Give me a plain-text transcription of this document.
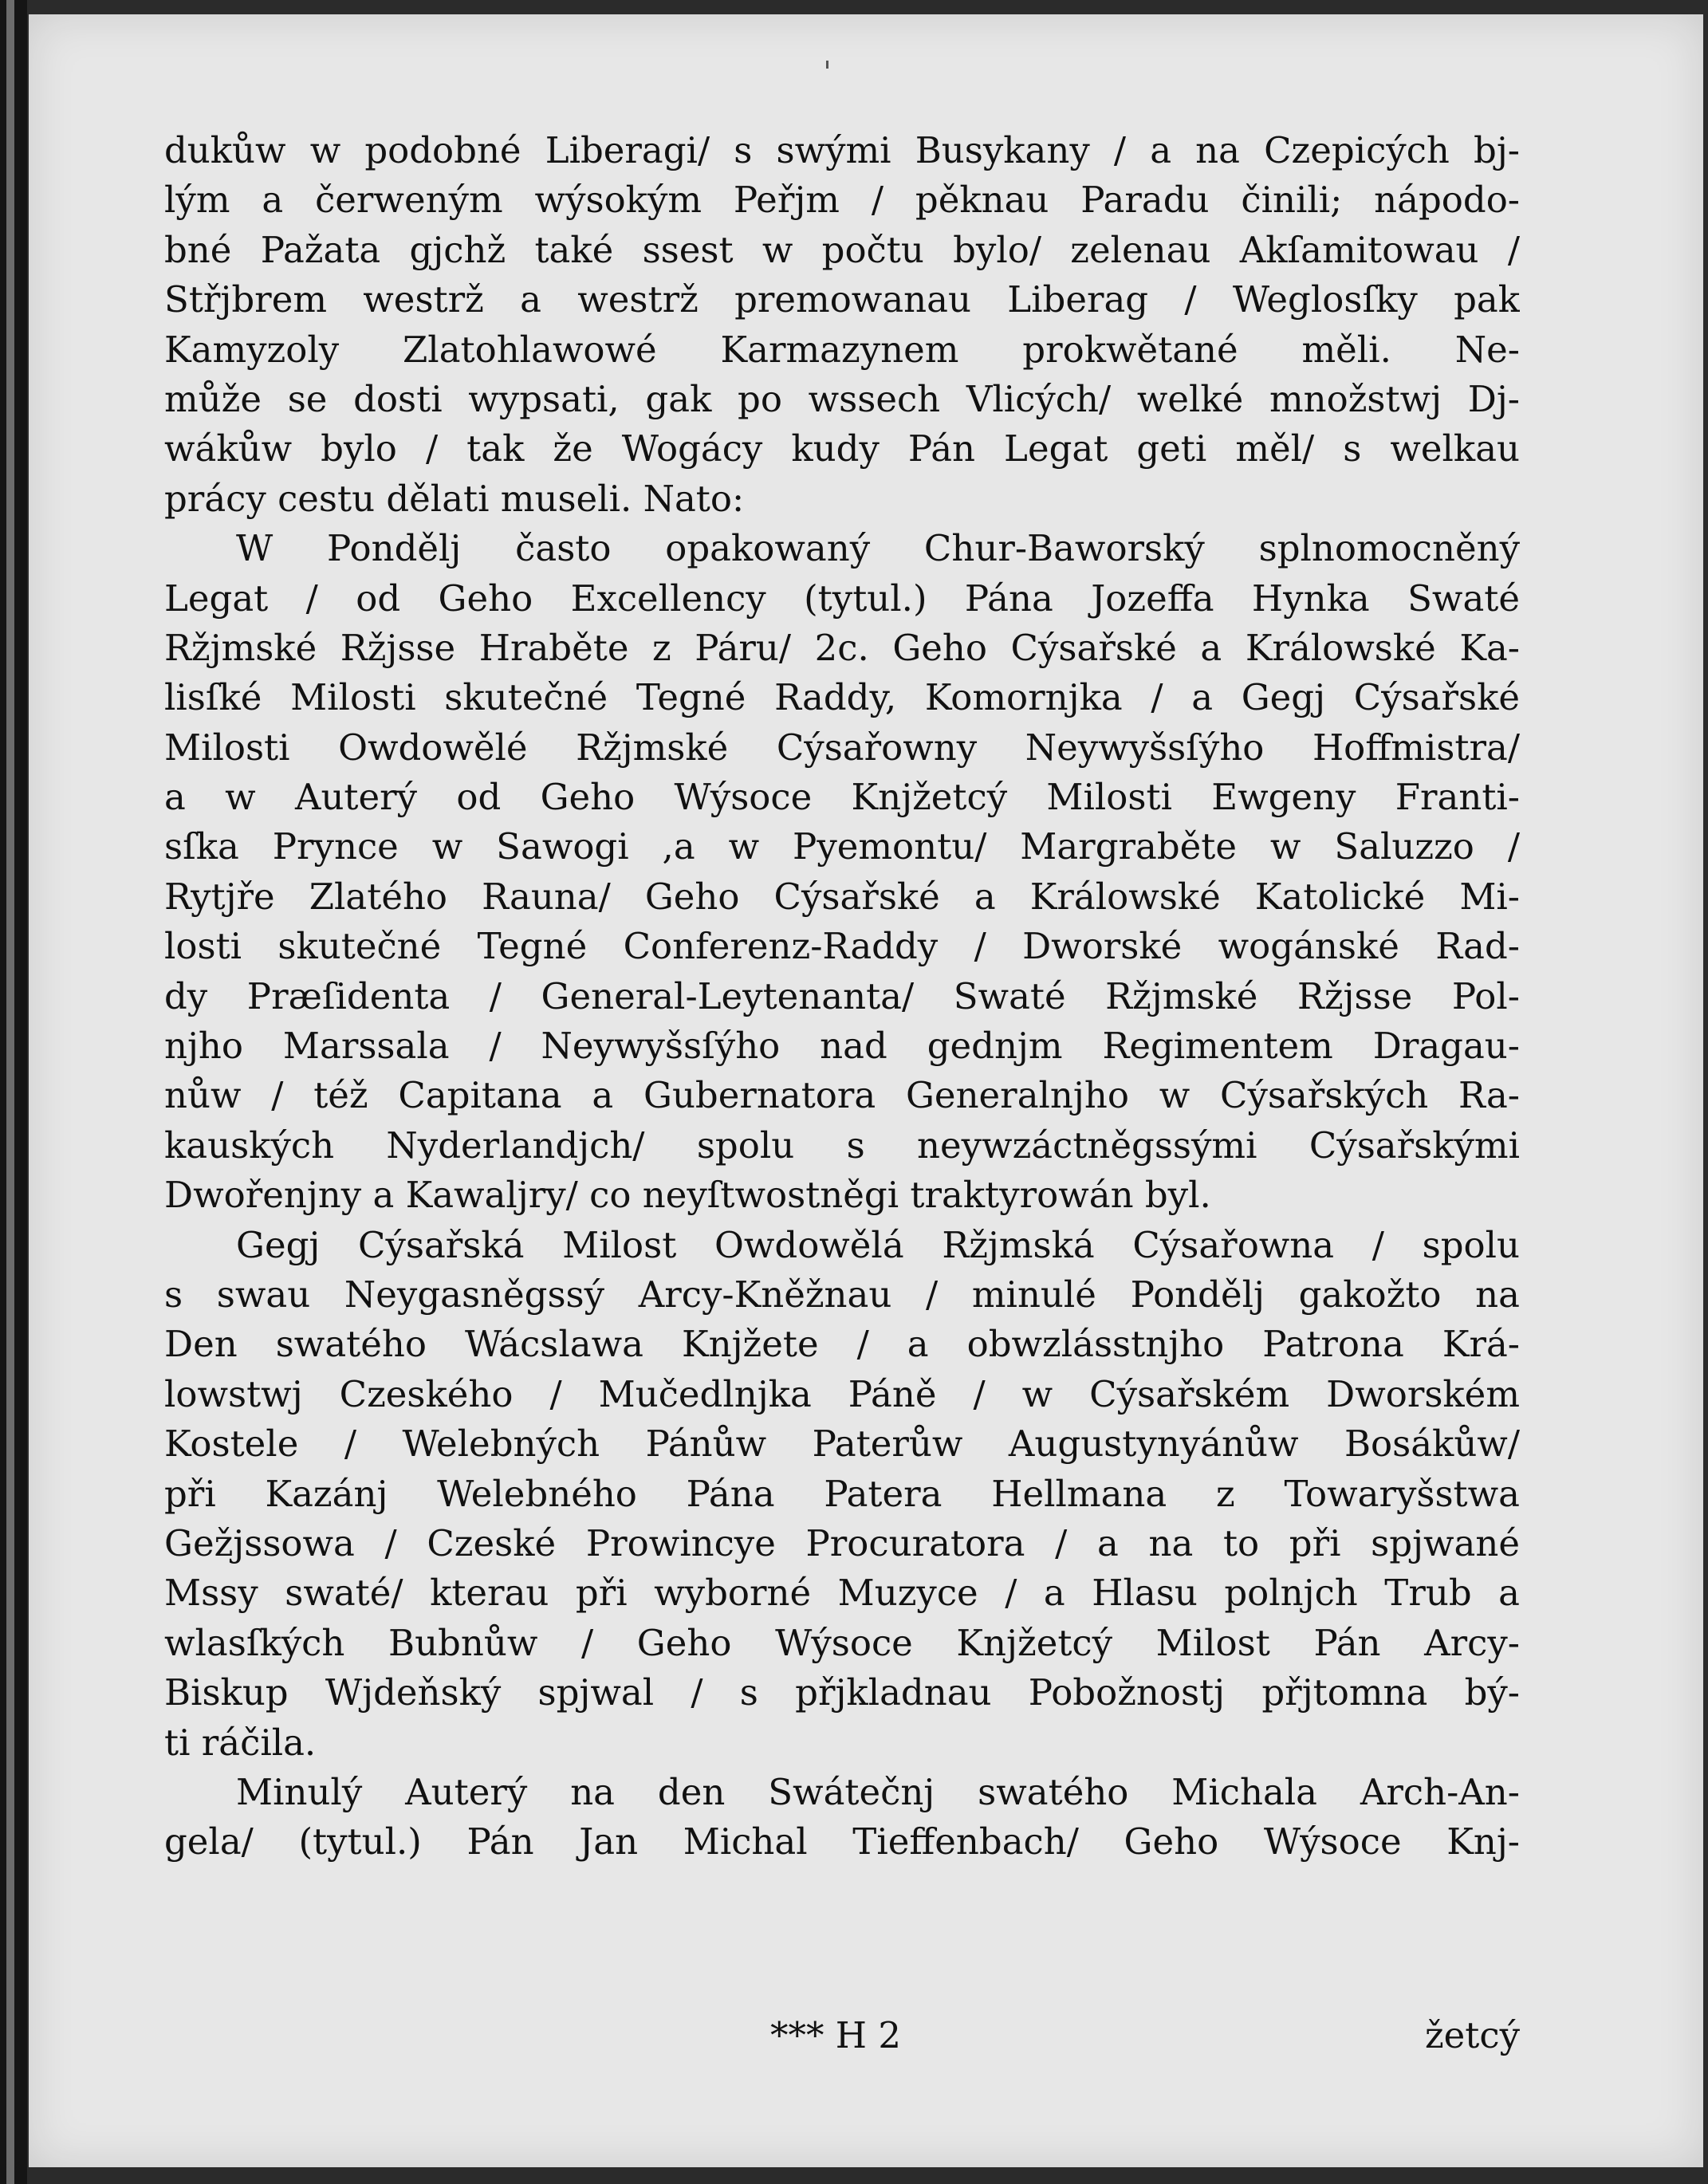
dukůw w podobné Liberagi/ s swými Busykany / a na Czepicých bj-
lým a čerweným wýsokým Peřjm / pěknau Paradu činili; nápodo-
bné Pažata gjchž také ssest w počtu bylo/ zelenau Akſamitowau /
Střjbrem westrž a westrž premowanau Liberag / Weglosſky pak
Kamyzoly Zlatohlawowé Karmazynem prokwětané měli. Ne-
může se dosti wypsati, gak po wssech Vlicých/ welké množstwj Dj-
wákůw bylo / tak že Wogácy kudy Pán Legat geti měl/ s welkau
prácy cestu dělati museli. Nato:
W Pondělj často opakowaný Chur-Baworský splnomocněný
Legat / od Geho Excellency (tytul.) Pána Jozeffa Hynka Swaté
Ržjmské Ržjsse Hraběte z Páru/ 2c. Geho Cýsařské a Králowské Ka-
lisſké Milosti skutečné Tegné Raddy, Komornjka / a Gegj Cýsařské
Milosti Owdowělé Ržjmské Cýsařowny Neywyšsſýho Hoffmistra/
a w Auterý od Geho Wýsoce Knjžetcý Milosti Ewgeny Franti-
sſka Prynce w Sawogi ,a w Pyemontu/ Margraběte w Saluzzo /
Rytjře Zlatého Rauna/ Geho Cýsařské a Králowské Katolické Mi-
losti skutečné Tegné Conferenz-Raddy / Dworské wogánské Rad-
dy Præſidenta / General-Leytenanta/ Swaté Ržjmské Ržjsse Pol-
njho Marssala / Neywyšsſýho nad gednjm Regimentem Dragau-
nůw / též Capitana a Gubernatora Generalnjho w Cýsařských Ra-
kauských Nyderlandjch/ spolu s neywzáctněgssými Cýsařskými
Dwořenjny a Kawaljry/ co neyſtwostněgi traktyrowán byl.
Gegj Cýsařská Milost Owdowělá Ržjmská Cýsařowna / spolu
s swau Neygasněgssý Arcy-Kněžnau / minulé Pondělj gakožto na
Den swatého Wácslawa Knjžete / a obwzlásstnjho Patrona Krá-
lowstwj Czeského / Mučedlnjka Páně / w Cýsařském Dworském
Kostele / Welebných Pánůw Paterůw Augustynyánůw Bosákůw/
při Kazánj Welebného Pána Patera Hellmana z Towaryšstwa
Gežjssowa / Czeské Prowincye Procuratora / a na to při spjwané
Mssy swaté/ kterau při wyborné Muzyce / a Hlasu polnjch Trub a
wlasſkých Bubnůw / Geho Wýsoce Knjžetcý Milost Pán Arcy-
Biskup Wjdeňský spjwal / s přjkladnau Pobožnostj přjtomna bý-
ti ráčila.
Minulý Auterý na den Swátečnj swatého Michala Arch-An-
gela/ (tytul.) Pán Jan Michal Tieffenbach/ Geho Wýsoce Knj-
*** H 2	žetcý
